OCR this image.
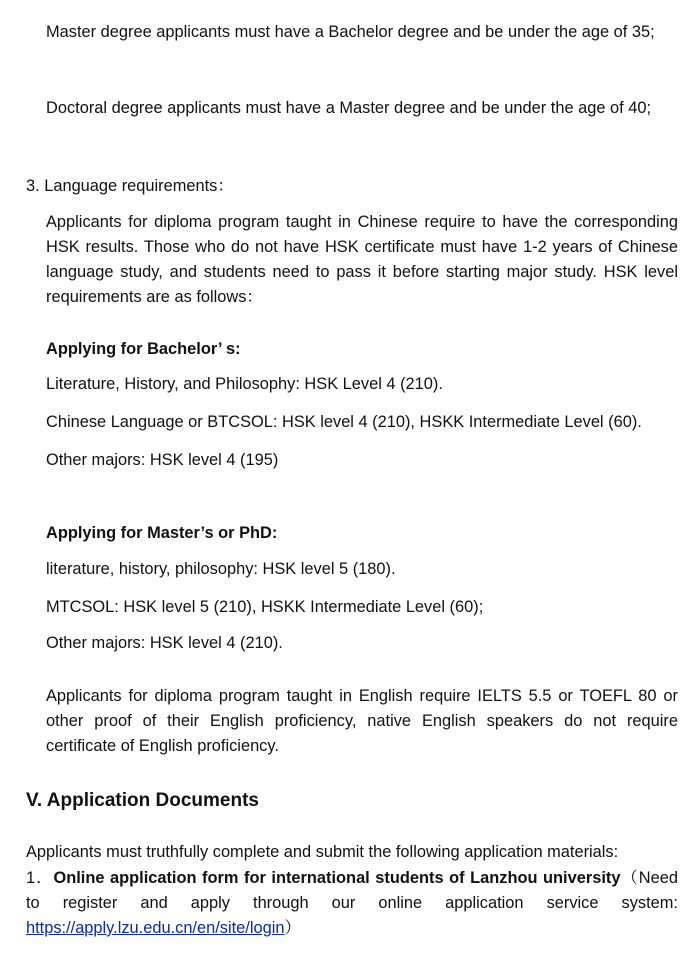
Master degree applicants must have a Bachelor degree and be under the age of 35;

Doctoral degree applicants must have a Master degree and be under the age of 40;

3. Language requirements：

Applicants for diploma program taught in Chinese require to have the corresponding HSK results. Those who do not have HSK certificate must have 1-2 years of Chinese language study, and students need to pass it before starting major study. HSK level requirements are as follows：

Applying for Bachelor’ s:

Literature, History, and Philosophy: HSK Level 4 (210).

Chinese Language or BTCSOL: HSK level 4 (210), HSKK Intermediate Level (60).

Other majors: HSK level 4 (195)

Applying for Master’s or PhD:

literature, history, philosophy: HSK level 5 (180).

MTCSOL: HSK level 5 (210), HSKK Intermediate Level (60);

Other majors: HSK level 4 (210).

Applicants for diploma program taught in English require IELTS 5.5 or TOEFL 80 or other proof of their English proficiency, native English speakers do not require certificate of English proficiency.

V. Application Documents

Applicants must truthfully complete and submit the following application materials:

1．Online application form for international students of Lanzhou university（Need to register and apply through our online application service system: https://apply.lzu.edu.cn/en/site/login）
